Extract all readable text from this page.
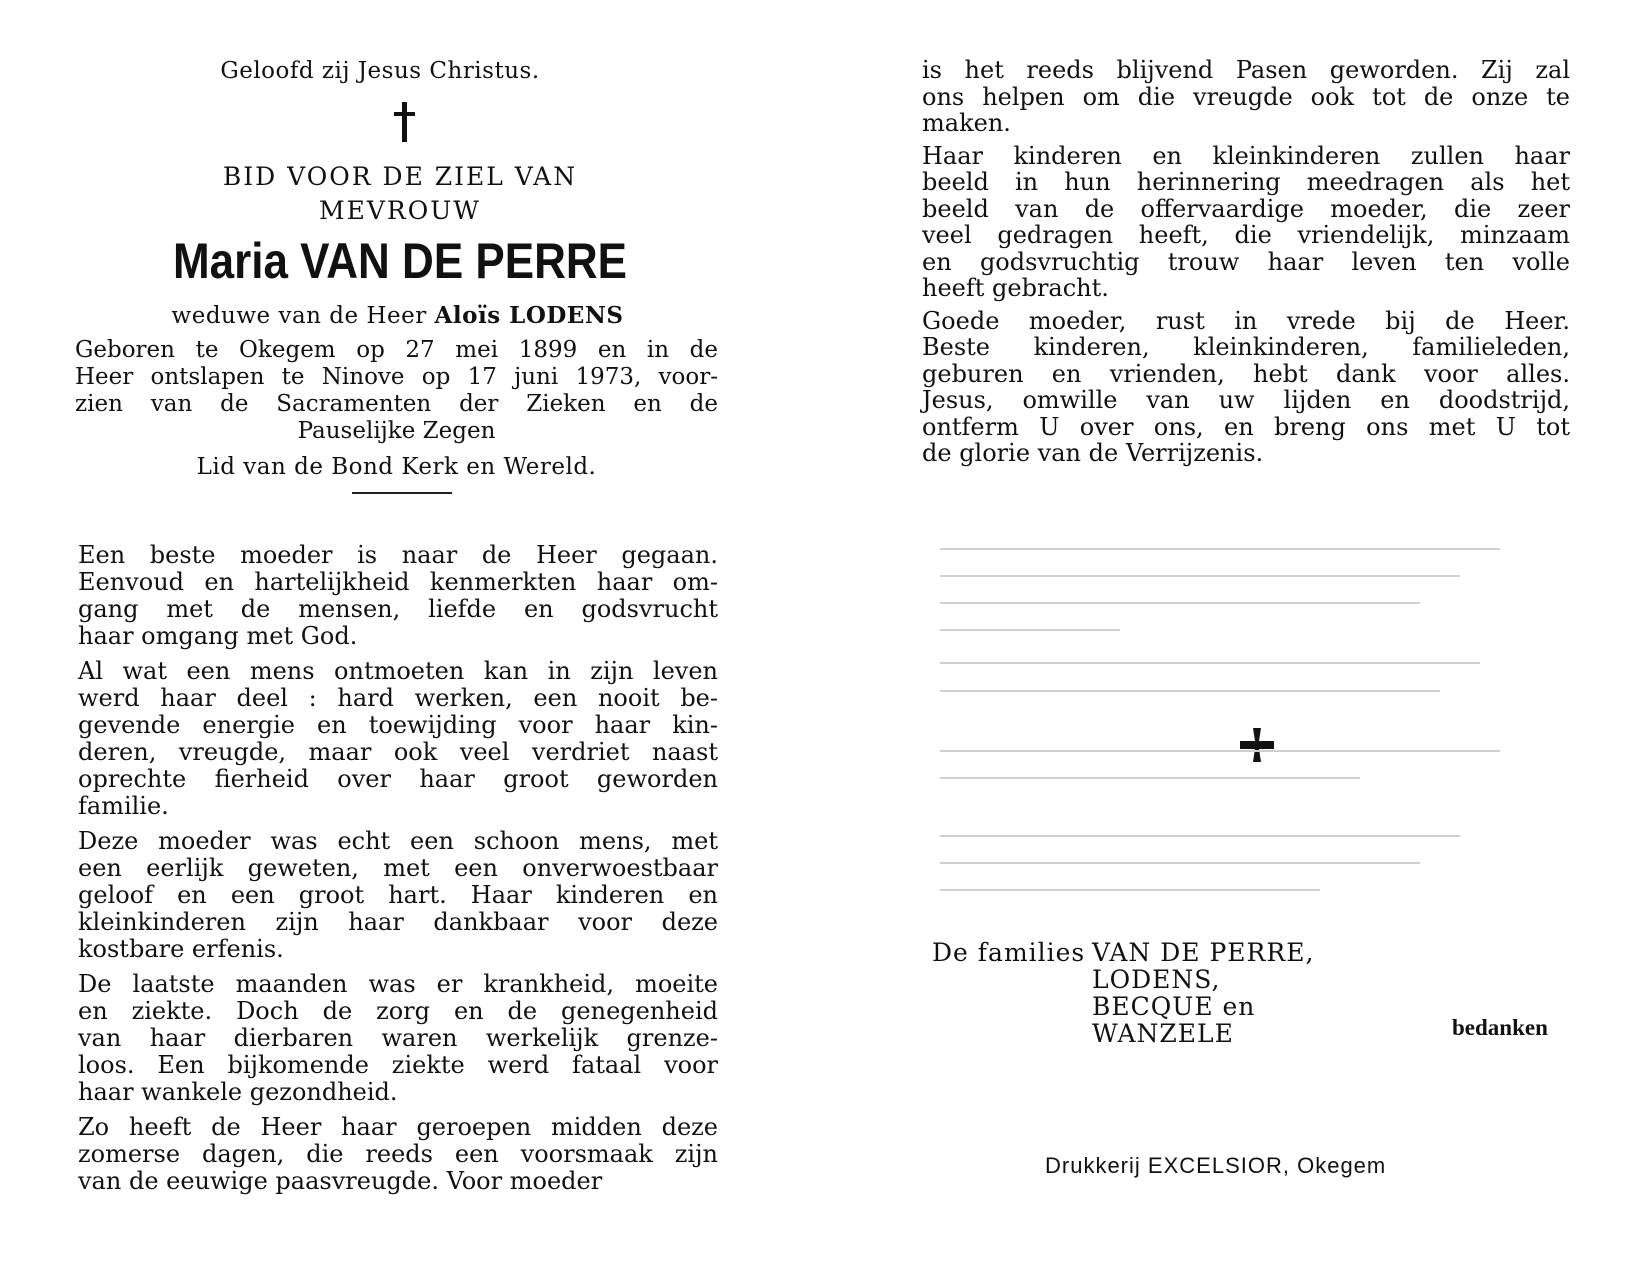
Geloofd zij Jesus Christus.
BID VOOR DE ZIEL VAN
MEVROUW
Maria VAN DE PERRE
weduwe van de Heer Aloïs LODENS
Geboren te Okegem op 27 mei 1899 en in de
Heer ontslapen te Ninove op 17 juni 1973, voor-
zien van de Sacramenten der Zieken en de
Pauselijke Zegen
Lid van de Bond Kerk en Wereld.
Een beste moeder is naar de Heer gegaan.
Eenvoud en hartelijkheid kenmerkten haar om-
gang met de mensen, liefde en godsvrucht
haar omgang met God.
Al wat een mens ontmoeten kan in zijn leven
werd haar deel : hard werken, een nooit be-
gevende energie en toewijding voor haar kin-
deren, vreugde, maar ook veel verdriet naast
oprechte fierheid over haar groot geworden
familie.
Deze moeder was echt een schoon mens, met
een eerlijk geweten, met een onverwoestbaar
geloof en een groot hart. Haar kinderen en
kleinkinderen zijn haar dankbaar voor deze
kostbare erfenis.
De laatste maanden was er krankheid, moeite
en ziekte. Doch de zorg en de genegenheid
van haar dierbaren waren werkelijk grenze-
loos. Een bijkomende ziekte werd fataal voor
haar wankele gezondheid.
Zo heeft de Heer haar geroepen midden deze
zomerse dagen, die reeds een voorsmaak zijn
van de eeuwige paasvreugde. Voor moeder
is het reeds blijvend Pasen geworden. Zij zal
ons helpen om die vreugde ook tot de onze te
maken.
Haar kinderen en kleinkinderen zullen haar
beeld in hun herinnering meedragen als het
beeld van de offervaardige moeder, die zeer
veel gedragen heeft, die vriendelijk, minzaam
en godsvruchtig trouw haar leven ten volle
heeft gebracht.
Goede moeder, rust in vrede bij de Heer.
Beste kinderen, kleinkinderen, familieleden,
geburen en vrienden, hebt dank voor alles.
Jesus, omwille van uw lijden en doodstrijd,
ontferm U over ons, en breng ons met U tot
de glorie van de Verrijzenis.
De families VAN DE PERRE,
LODENS,
BECQUE en
WANZELE	bedanken
Drukkerij EXCELSIOR, Okegem
